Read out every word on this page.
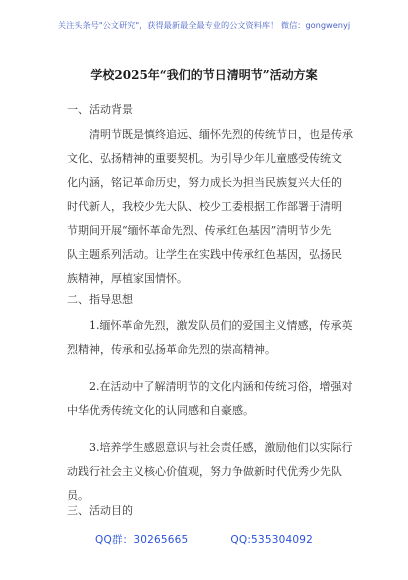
关注头条号"公文研究"，获得最新最全最专业的公文资料库！ 微信：gongwenyj
学校2025年“我们的节日清明节”活动方案
一、活动背景

清明节既是慎终追远、缅怀先烈的传统节日，也是传承
文化、弘扬精神的重要契机。为引导少年儿童感受传统文
化内涵，铭记革命历史，努力成长为担当民族复兴大任的
时代新人，我校少先大队、校少工委根据工作部署于清明
节期间开展“缅怀革命先烈、传承红色基因”清明节少先
队主题系列活动。让学生在实践中传承红色基因，弘扬民
族精神，厚植家国情怀。

二、指导思想

1.缅怀革命先烈，激发队员们的爱国主义情感，传承英
烈精神，传承和弘扬革命先烈的崇高精神。

2.在活动中了解清明节的文化内涵和传统习俗，增强对
中华优秀传统文化的认同感和自豪感。

3.培养学生感恩意识与社会责任感，激励他们以实际行
动践行社会主义核心价值观，努力争做新时代优秀少先队
员。

三、活动目的
QQ群：30265665	QQ:535304092
